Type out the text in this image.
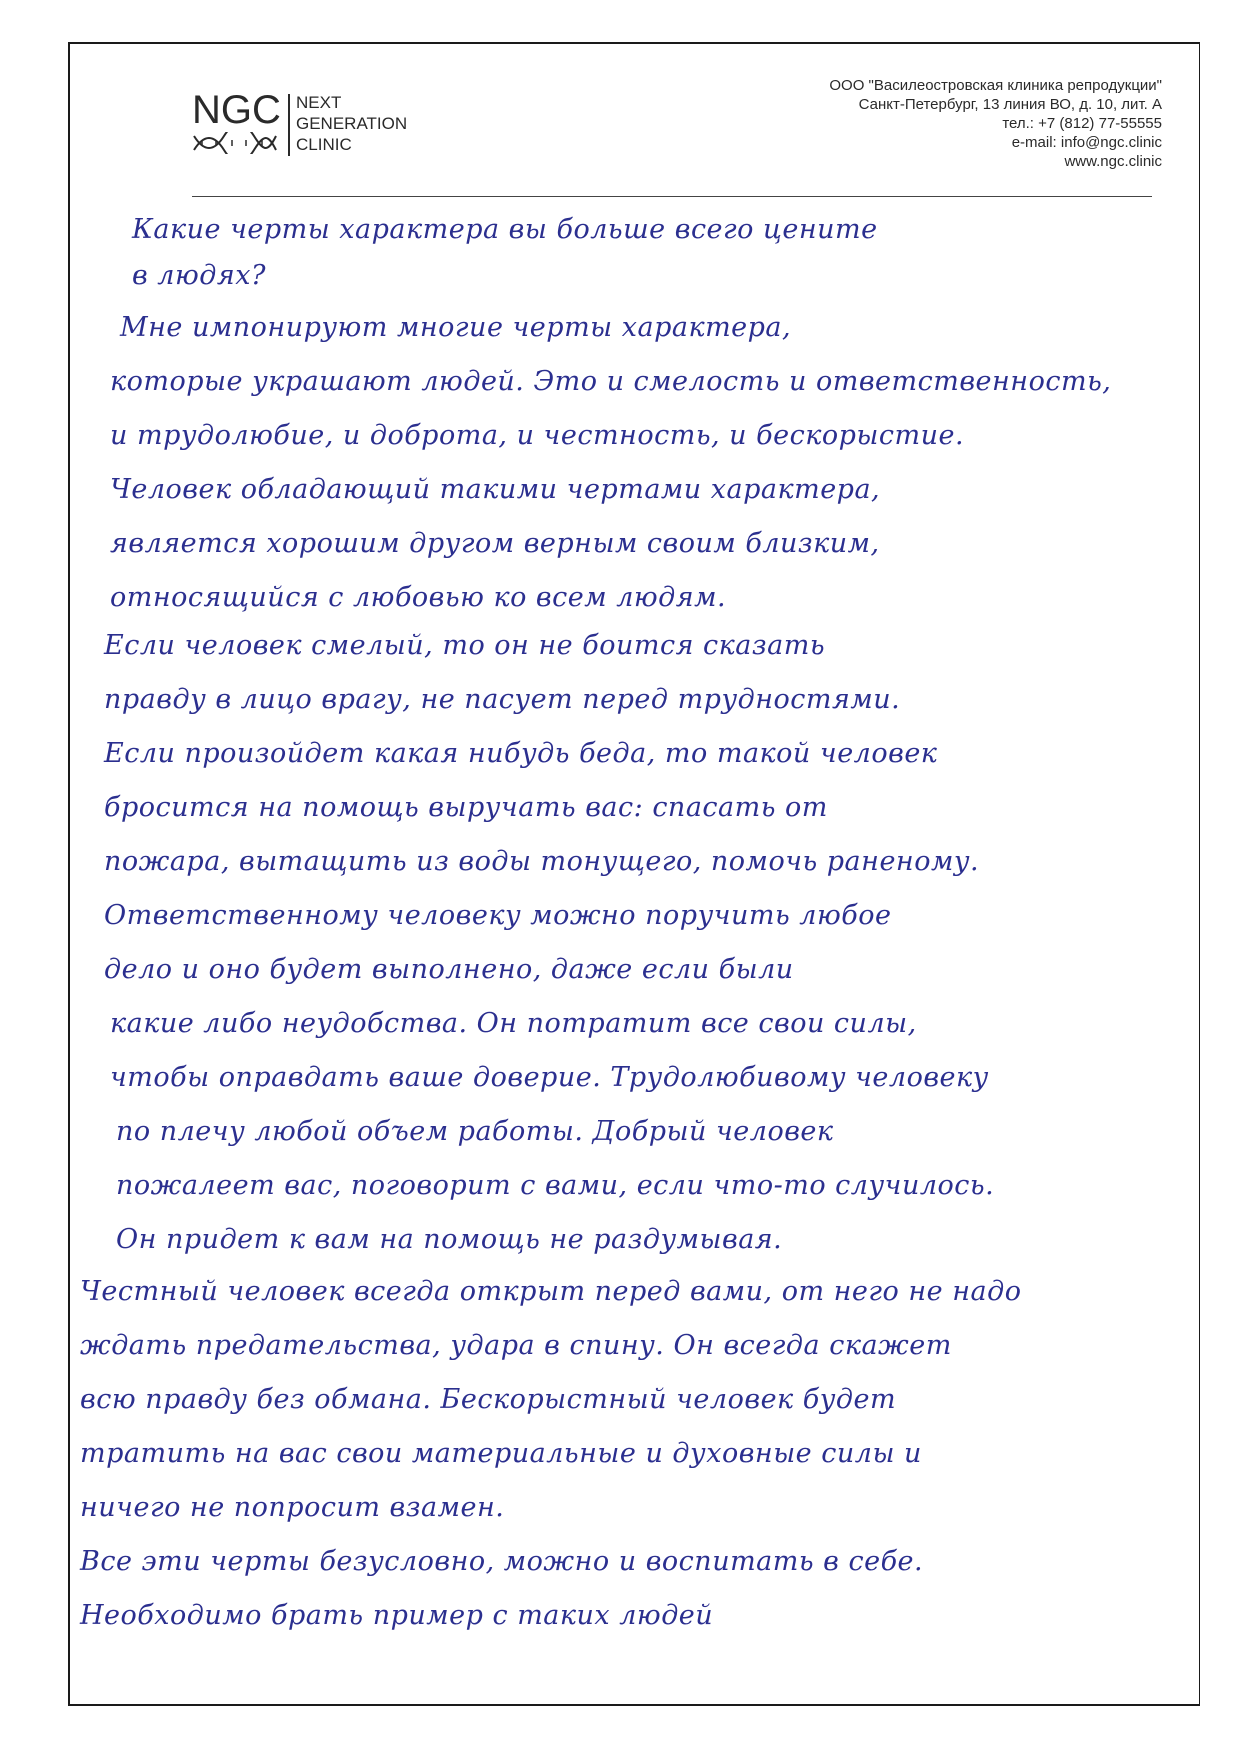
NGC NEXT
GENERATION
CLINIC
ООО "Василеостровская клиника репродукции"
Санкт-Петербург, 13 линия ВО, д. 10, лит. А
тел.: +7 (812) 77-55555
e-mail: info@ngc.clinic
www.ngc.clinic
Какие черты характера вы больше всего цените
в людях?
Мне импонируют многие черты характера,
которые украшают людей. Это и смелость и ответственность,
и трудолюбие, и доброта, и честность, и бескорыстие.
Человек обладающий такими чертами характера,
является хорошим другом верным своим близким,
относящийся с любовью ко всем людям.
Если человек смелый, то он не боится сказать
правду в лицо врагу, не пасует перед трудностями.
Если произойдет какая нибудь беда, то такой человек
бросится на помощь выручать вас: спасать от
пожара, вытащить из воды тонущего, помочь раненому.
Ответственному человеку можно поручить любое
дело и оно будет выполнено, даже если были
какие либо неудобства. Он потратит все свои силы,
чтобы оправдать ваше доверие. Трудолюбивому человеку
по плечу любой объем работы. Добрый человек
пожалеет вас, поговорит с вами, если что-то случилось.
Он придет к вам на помощь не раздумывая.
Честный человек всегда открыт перед вами, от него не надо
ждать предательства, удара в спину. Он всегда скажет
всю правду без обмана. Бескорыстный человек будет
тратить на вас свои материальные и духовные силы и
ничего не попросит взамен.
Все эти черты безусловно, можно и воспитать в себе.
Необходимо брать пример с таких людей
